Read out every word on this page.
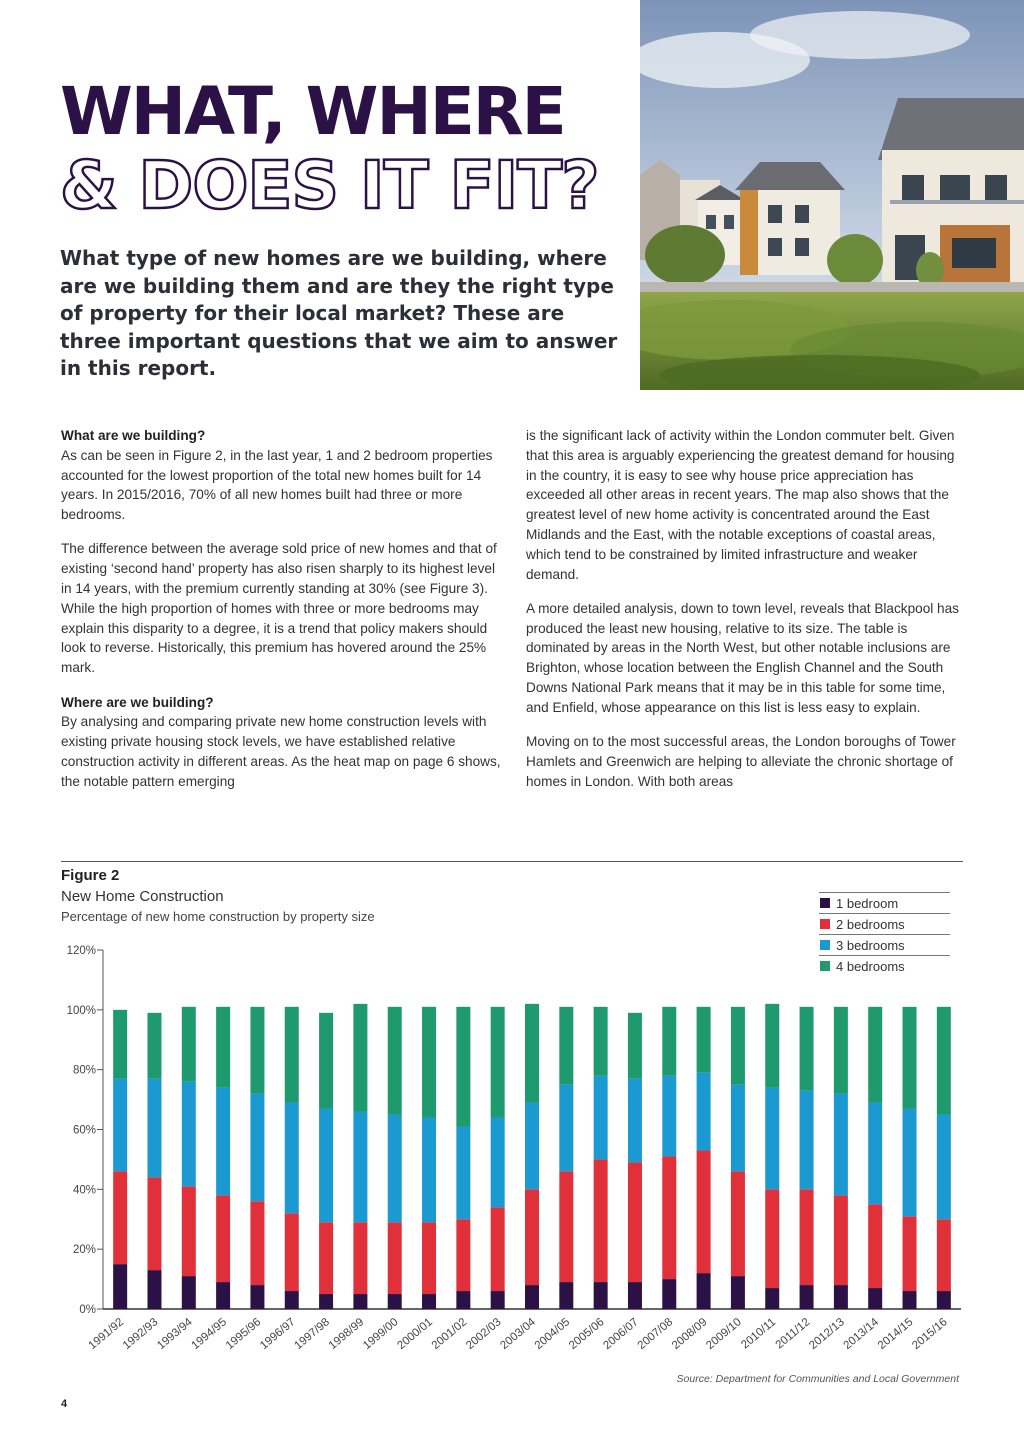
WHAT, WHERE
& DOES IT FIT?
What type of new homes are we building, where are we building them and are they the right type of property for their local market? These are three important questions that we aim to answer in this report.
What are we building?

As can be seen in Figure 2, in the last year, 1 and 2 bedroom properties accounted for the lowest proportion of the total new homes built for 14 years. In 2015/2016, 70% of all new homes built had three or more bedrooms.

The difference between the average sold price of new homes and that of existing ‘second hand’ property has also risen sharply to its highest level in 14 years, with the premium currently standing at 30% (see Figure 3). While the high proportion of homes with three or more bedrooms may explain this disparity to a degree, it is a trend that policy makers should look to reverse. Historically, this premium has hovered around the 25% mark.

Where are we building?

By analysing and comparing private new home construction levels with existing private housing stock levels, we have established relative construction activity in different areas. As the heat map on page 6 shows, the notable pattern emerging

is the significant lack of activity within the London commuter belt. Given that this area is arguably experiencing the greatest demand for housing in the country, it is easy to see why house price appreciation has exceeded all other areas in recent years. The map also shows that the greatest level of new home activity is concentrated around the East Midlands and the East, with the notable exceptions of coastal areas, which tend to be constrained by limited infrastructure and weaker demand.

A more detailed analysis, down to town level, reveals that Blackpool has produced the least new housing, relative to its size. The table is dominated by areas in the North West, but other notable inclusions are Brighton, whose location between the English Channel and the South Downs National Park means that it may be in this table for some time, and Enfield, whose appearance on this list is less easy to explain.

Moving on to the most successful areas, the London boroughs of Tower Hamlets and Greenwich are helping to alleviate the chronic shortage of homes in London. With both areas

Figure 2
New Home Construction
Percentage of new home construction by property size
1 bedroom
2 bedrooms
3 bedrooms
4 bedrooms
0%
20%
40%
60%
80%
100%
120%
1991/92
1992/93
1993/94
1994/95
1995/96
1996/97
1997/98
1998/99
1999/00
2000/01
2001/02
2002/03
2003/04
2004/05
2005/06
2006/07
2007/08
2008/09
2009/10
2010/11
2011/12
2012/13
2013/14
2014/15
2015/16
Source: Department for Communities and Local Government
4
